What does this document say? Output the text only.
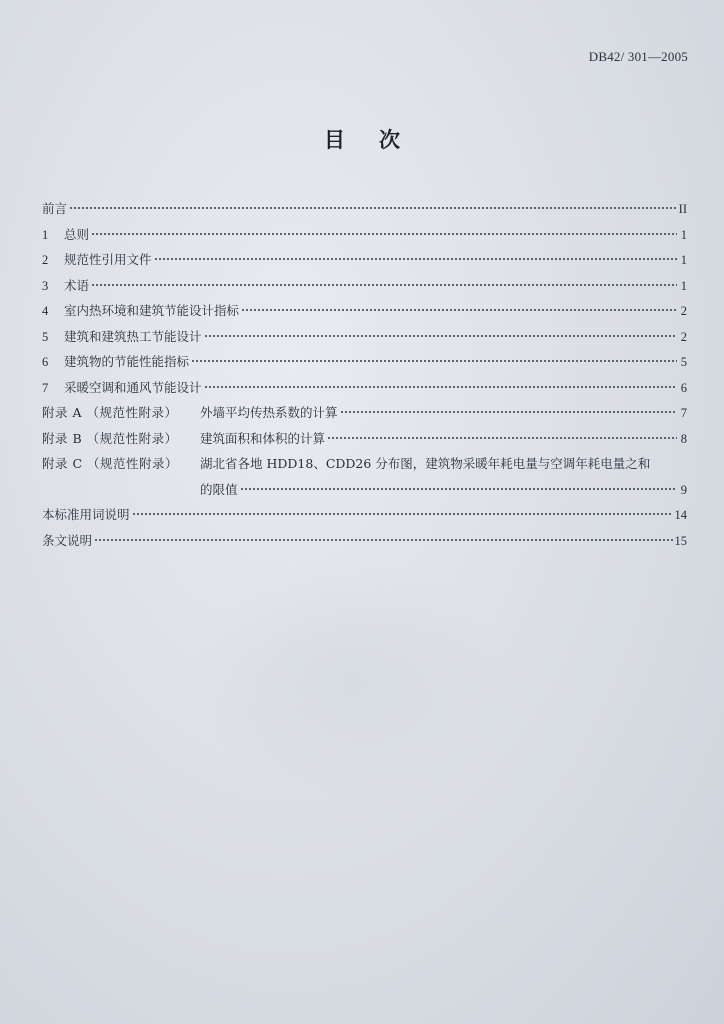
DB42/ 301—2005
目次
前言	II
1	总则	1
2	规范性引用文件	1
3	术语	1
4	室内热环境和建筑节能设计指标	2
5	建筑和建筑热工节能设计	2
6	建筑物的节能性能指标	5
7	采暖空调和通风节能设计	6
附录 A （规范性附录）	外墙平均传热系数的计算	7
附录 B （规范性附录）	建筑面积和体积的计算	8
附录 C （规范性附录）	湖北省各地 HDD18、CDD26 分布图，建筑物采暖年耗电量与空调年耗电量之和
的限值	9
本标准用词说明	14
条文说明	15
